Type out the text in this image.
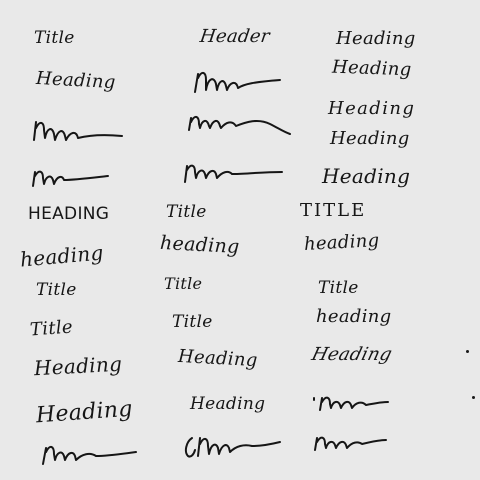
Title	Header	Heading
Heading	Heading
Heading
Heading
Heading
HEADING	Title	TITLE
heading	heading	heading
Title	Title	Title
Title	Title	heading
Heading	Heading	Heading
Heading	Heading
